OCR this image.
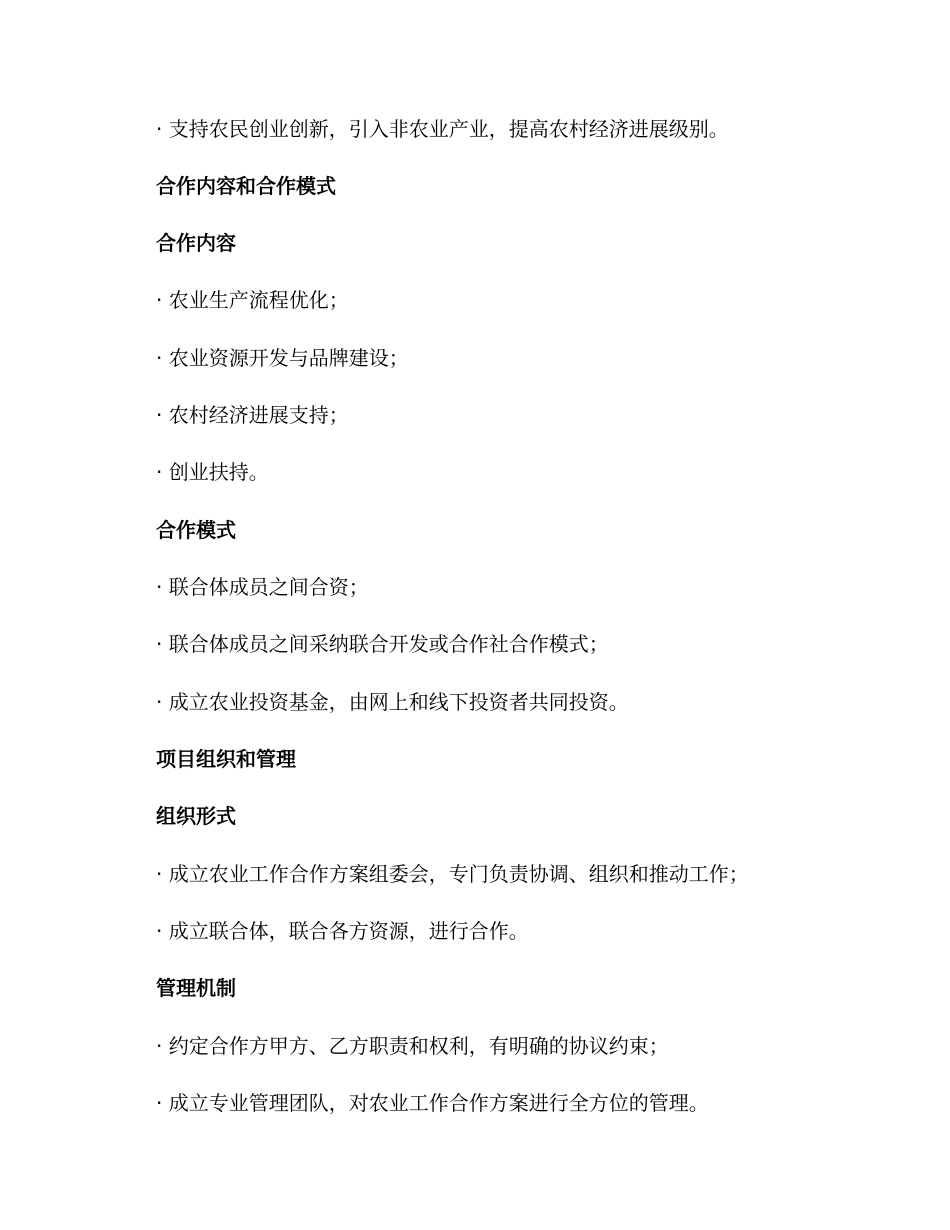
· 支持农民创业创新，引入非农业产业，提高农村经济进展级别。
合作内容和合作模式
合作内容
· 农业生产流程优化；
· 农业资源开发与品牌建设；
· 农村经济进展支持；
· 创业扶持。
合作模式
· 联合体成员之间合资；
· 联合体成员之间采纳联合开发或合作社合作模式；
· 成立农业投资基金，由网上和线下投资者共同投资。
项目组织和管理
组织形式
· 成立农业工作合作方案组委会，专门负责协调、组织和推动工作；
· 成立联合体，联合各方资源，进行合作。
管理机制
· 约定合作方甲方、乙方职责和权利，有明确的协议约束；
· 成立专业管理团队，对农业工作合作方案进行全方位的管理。
